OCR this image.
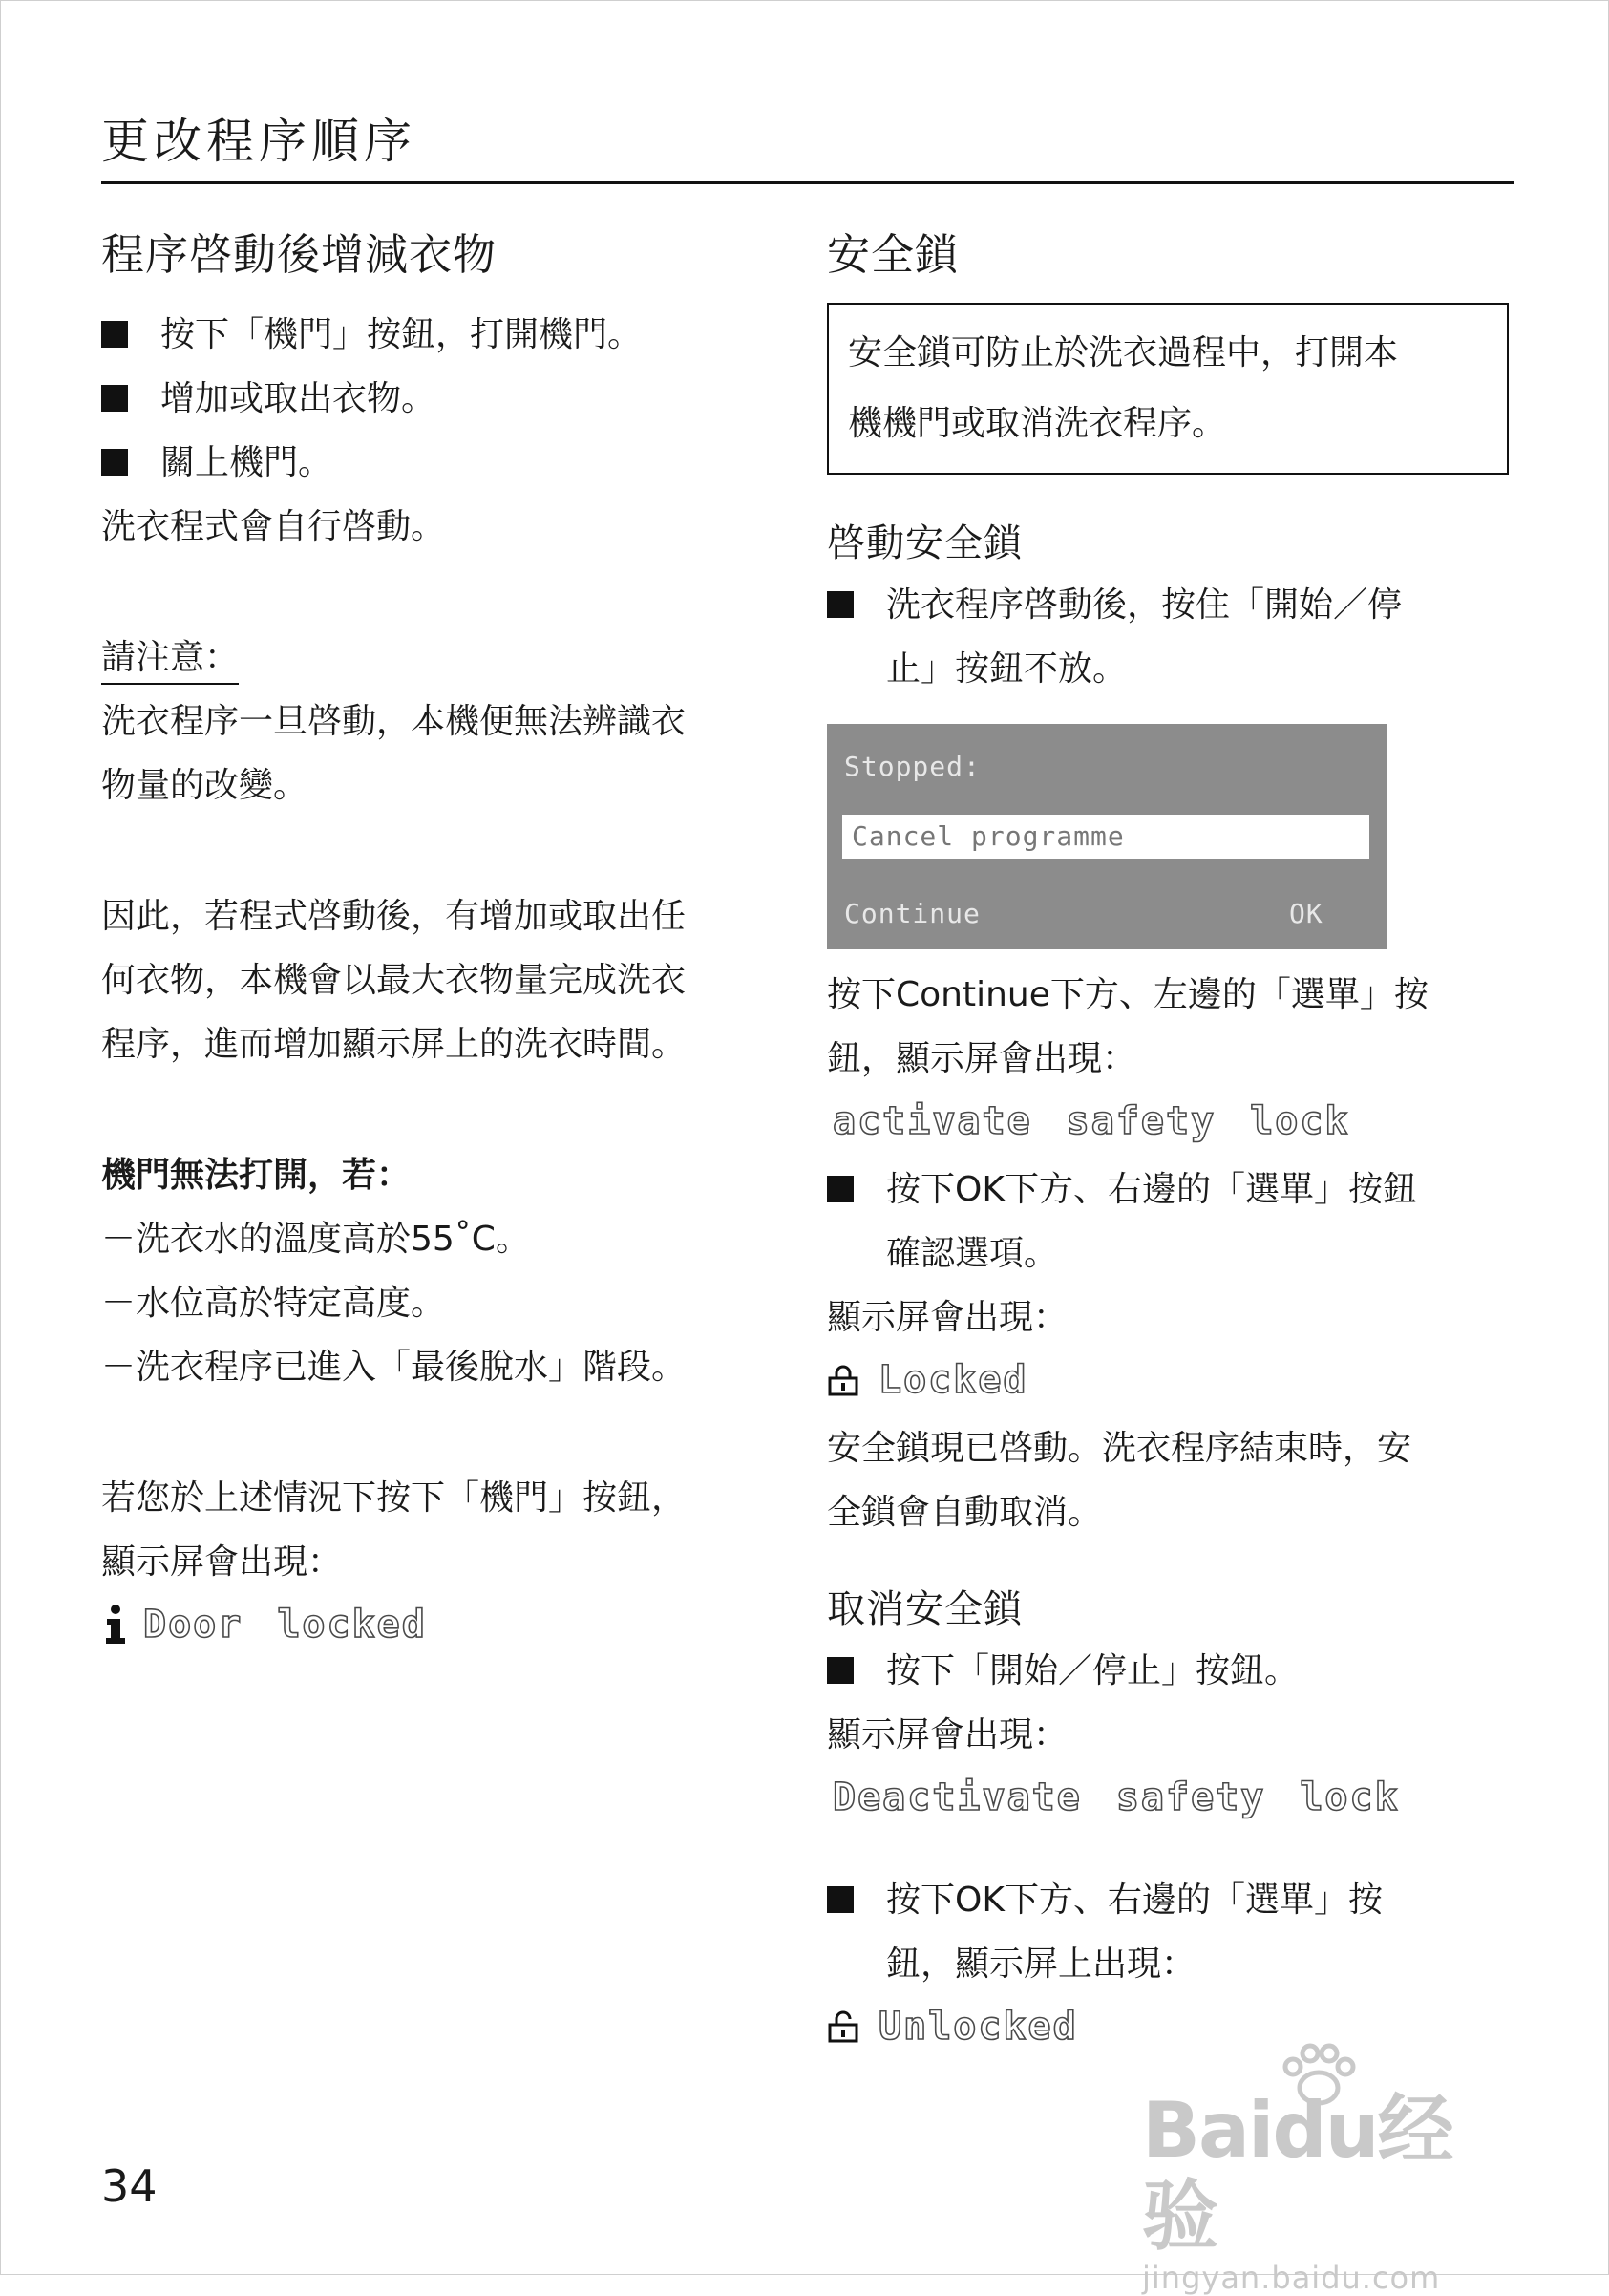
更改程序順序
程序啓動後增減衣物
按下「機門」按鈕，打開機門。
增加或取出衣物。
關上機門。
洗衣程式會自行啓動。
請注意：
洗衣程序一旦啓動，本機便無法辨識衣
物量的改變。
因此，若程式啓動後，有增加或取出任
何衣物，本機會以最大衣物量完成洗衣
程序，進而增加顯示屏上的洗衣時間。
機門無法打開，若：
－洗衣水的溫度高於55˚C。
－水位高於特定高度。
－洗衣程序已進入「最後脫水」階段。
若您於上述情況下按下「機門」按鈕，
顯示屏會出現：
Door locked
安全鎖
安全鎖可防止於洗衣過程中，打開本
機機門或取消洗衣程序。
啓動安全鎖
洗衣程序啓動後，按住「開始／停
止」按鈕不放。
Stopped:
Cancel programme
Continue	OK
按下Continue下方、左邊的「選單」按
鈕，顯示屏會出現：
activate safety lock
按下OK下方、右邊的「選單」按鈕
確認選項。
顯示屏會出現：
Locked
安全鎖現已啓動。洗衣程序結束時，安
全鎖會自動取消。
取消安全鎖
按下「開始／停止」按鈕。
顯示屏會出現：
Deactivate safety lock
按下OK下方、右邊的「選單」按
鈕，顯示屏上出現：
Unlocked
34
Baidu经验
jingyan.baidu.com
